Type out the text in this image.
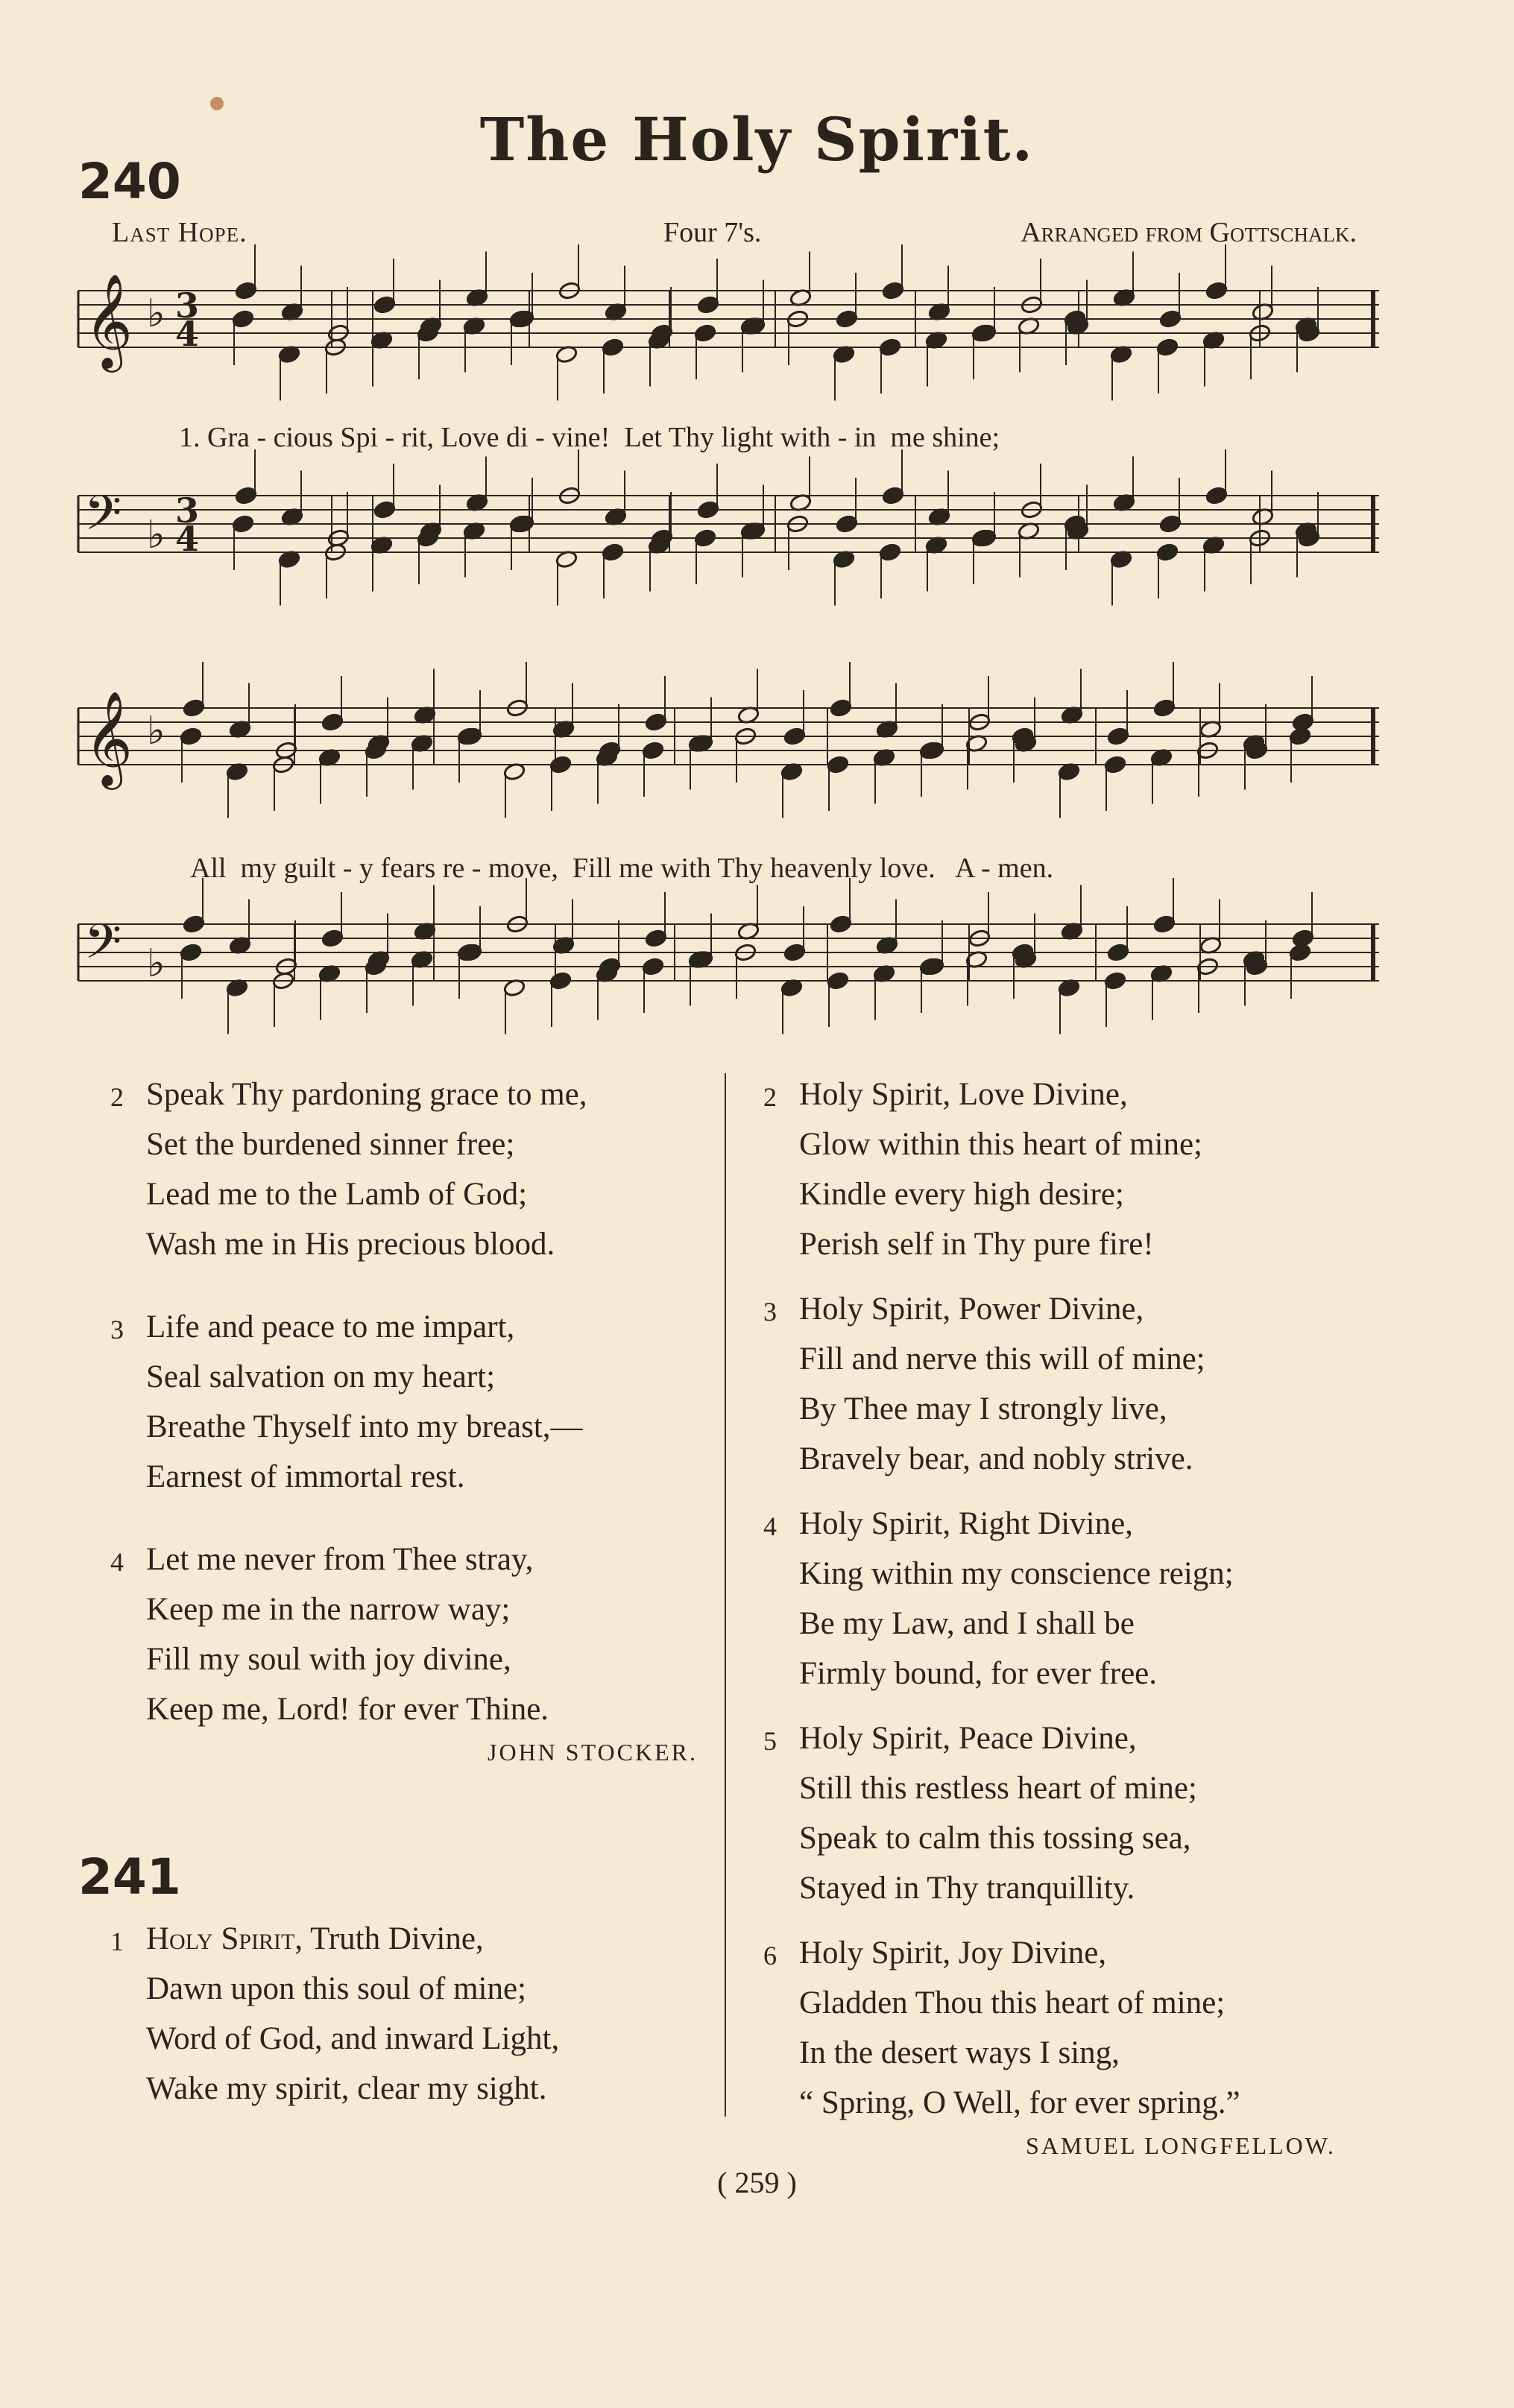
The Holy Spirit.
240
Last Hope.	Four 7's.	Arranged from Gottschalk.
𝄞 ♭ 3
4
𝄢 ♭
3
4
𝄞 ♭
𝄢 ♭
1. Gra - cious Spi - rit, Love di - vine!  Let Thy light with - in  me shine;
All  my guilt - y fears re - move,  Fill me with Thy heavenly love.   A - men.
2 Speak Thy pardoning grace to me,
Set the burdened sinner free;
Lead me to the Lamb of God;
Wash me in His precious blood.
3 Life and peace to me impart,
Seal salvation on my heart;
Breathe Thyself into my breast,—
Earnest of immortal rest.
4 Let me never from Thee stray,
Keep me in the narrow way;
Fill my soul with joy divine,
Keep me, Lord! for ever Thine.
JOHN STOCKER.
241
1 Holy Spirit, Truth Divine,
Dawn upon this soul of mine;
Word of God, and inward Light,
Wake my spirit, clear my sight.
2 Holy Spirit, Love Divine,
Glow within this heart of mine;
Kindle every high desire;
Perish self in Thy pure fire!
3 Holy Spirit, Power Divine,
Fill and nerve this will of mine;
By Thee may I strongly live,
Bravely bear, and nobly strive.
4 Holy Spirit, Right Divine,
King within my conscience reign;
Be my Law, and I shall be
Firmly bound, for ever free.
5 Holy Spirit, Peace Divine,
Still this restless heart of mine;
Speak to calm this tossing sea,
Stayed in Thy tranquillity.
6 Holy Spirit, Joy Divine,
Gladden Thou this heart of mine;
In the desert ways I sing,
“ Spring, O Well, for ever spring.”
SAMUEL LONGFELLOW.
( 259 )
